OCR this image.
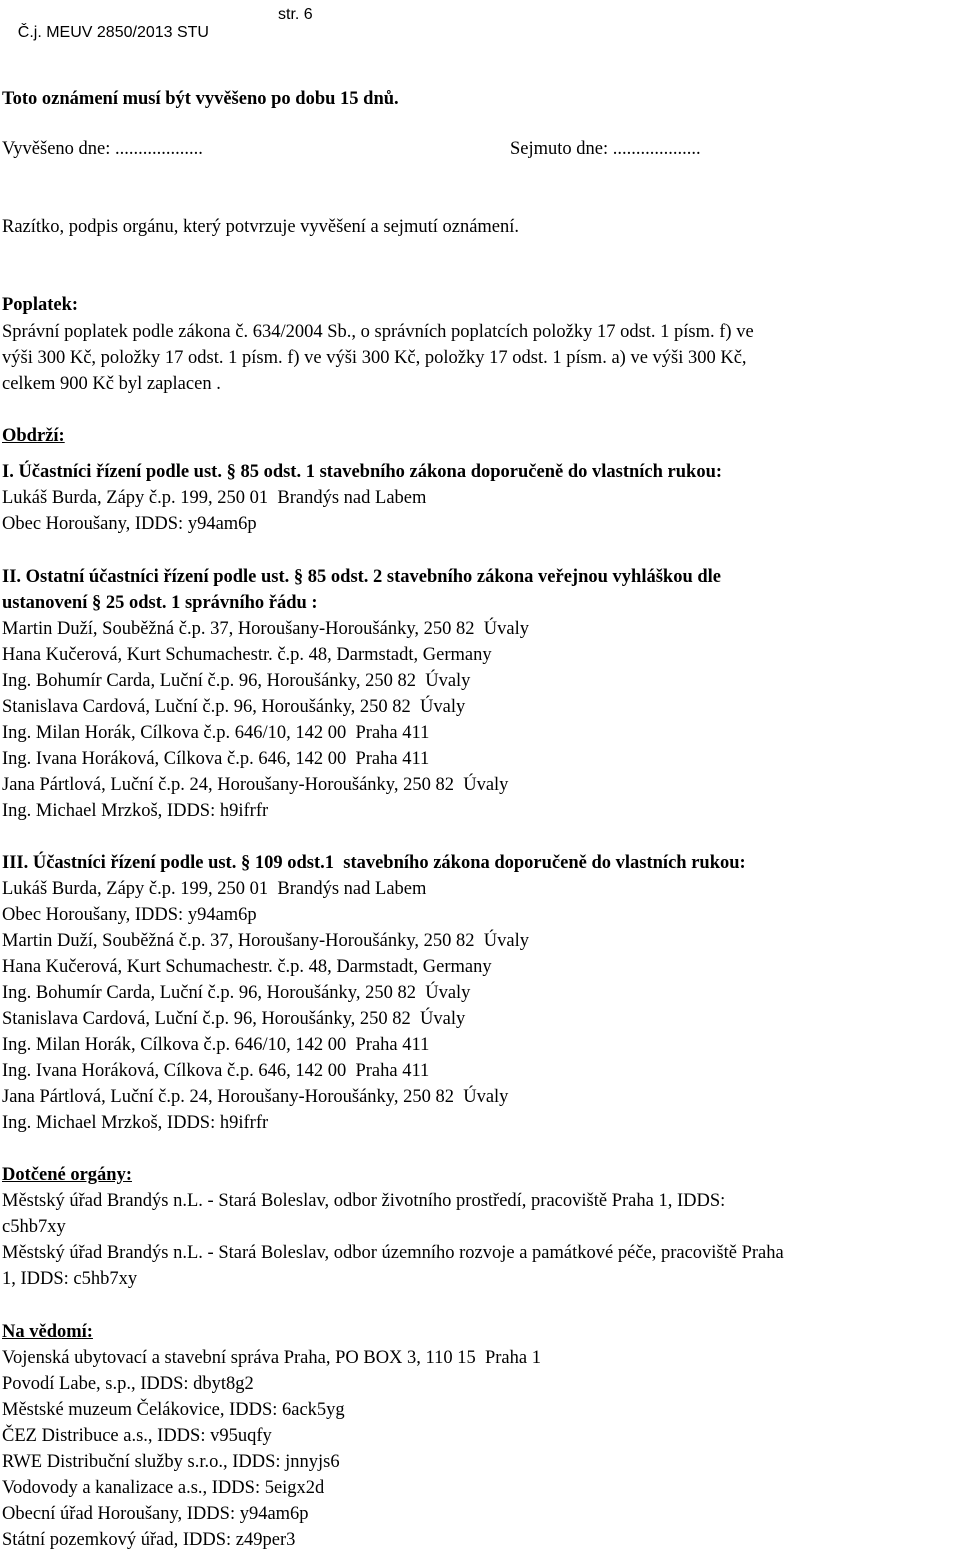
Č.j. MEUV 2850/2013 STU

str. 6

Toto oznámení musí být vyvěšeno po dobu 15 dnů.
Vyvěšeno dne: ...................	Sejmuto dne: ...................
Razítko, podpis orgánu, který potvrzuje vyvěšení a sejmutí oznámení.
Poplatek:
Správní poplatek podle zákona č. 634/2004 Sb., o správních poplatcích položky 17 odst. 1 písm. f) ve
výši 300 Kč, položky 17 odst. 1 písm. f) ve výši 300 Kč, položky 17 odst. 1 písm. a) ve výši 300 Kč,
celkem 900 Kč byl zaplacen .
Obdrží:
I. Účastníci řízení podle ust. § 85 odst. 1 stavebního zákona doporučeně do vlastních rukou:
Lukáš Burda, Zápy č.p. 199, 250 01  Brandýs nad Labem
Obec Horoušany, IDDS: y94am6p
II. Ostatní účastníci řízení podle ust. § 85 odst. 2 stavebního zákona veřejnou vyhláškou dle
ustanovení § 25 odst. 1 správního řádu :
Martin Duží, Souběžná č.p. 37, Horoušany-Horoušánky, 250 82  Úvaly
Hana Kučerová, Kurt Schumachestr. č.p. 48, Darmstadt, Germany
Ing. Bohumír Carda, Luční č.p. 96, Horoušánky, 250 82  Úvaly
Stanislava Cardová, Luční č.p. 96, Horoušánky, 250 82  Úvaly
Ing. Milan Horák, Cílkova č.p. 646/10, 142 00  Praha 411
Ing. Ivana Horáková, Cílkova č.p. 646, 142 00  Praha 411
Jana Pártlová, Luční č.p. 24, Horoušany-Horoušánky, 250 82  Úvaly
Ing. Michael Mrzkoš, IDDS: h9ifrfr
III. Účastníci řízení podle ust. § 109 odst.1  stavebního zákona doporučeně do vlastních rukou:
Lukáš Burda, Zápy č.p. 199, 250 01  Brandýs nad Labem
Obec Horoušany, IDDS: y94am6p
Martin Duží, Souběžná č.p. 37, Horoušany-Horoušánky, 250 82  Úvaly
Hana Kučerová, Kurt Schumachestr. č.p. 48, Darmstadt, Germany
Ing. Bohumír Carda, Luční č.p. 96, Horoušánky, 250 82  Úvaly
Stanislava Cardová, Luční č.p. 96, Horoušánky, 250 82  Úvaly
Ing. Milan Horák, Cílkova č.p. 646/10, 142 00  Praha 411
Ing. Ivana Horáková, Cílkova č.p. 646, 142 00  Praha 411
Jana Pártlová, Luční č.p. 24, Horoušany-Horoušánky, 250 82  Úvaly
Ing. Michael Mrzkoš, IDDS: h9ifrfr
Dotčené orgány:
Městský úřad Brandýs n.L. - Stará Boleslav, odbor životního prostředí, pracoviště Praha 1, IDDS:
c5hb7xy
Městský úřad Brandýs n.L. - Stará Boleslav, odbor územního rozvoje a památkové péče, pracoviště Praha
1, IDDS: c5hb7xy
Na vědomí:
Vojenská ubytovací a stavební správa Praha, PO BOX 3, 110 15  Praha 1
Povodí Labe, s.p., IDDS: dbyt8g2
Městské muzeum Čelákovice, IDDS: 6ack5yg
ČEZ Distribuce a.s., IDDS: v95uqfy
RWE Distribuční služby s.r.o., IDDS: jnnyjs6
Vodovody a kanalizace a.s., IDDS: 5eigx2d
Obecní úřad Horoušany, IDDS: y94am6p
Státní pozemkový úřad, IDDS: z49per3
